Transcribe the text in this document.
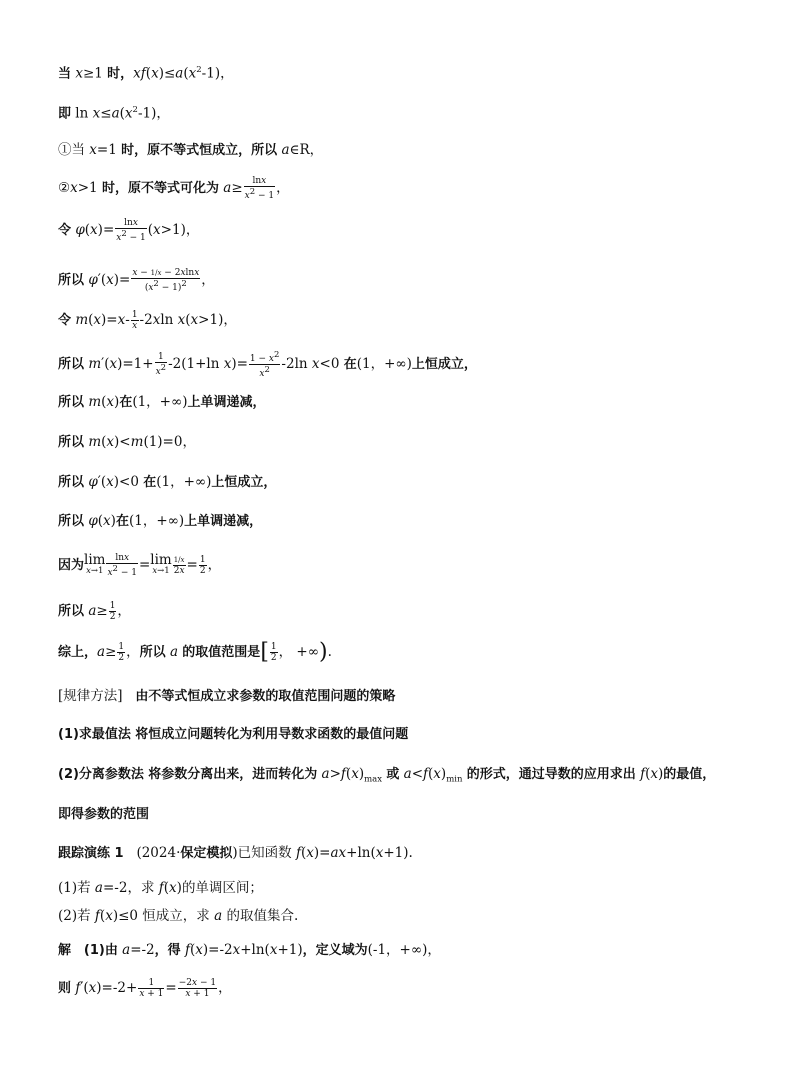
当 x≥1 时，$xf(x)\le a(x^2-1)$，
即 $\ln x\le a(x^2-1)$，
①当 x=1 时，原不等式恒成立，所以 a∈R，
②x>1 时，原不等式可化为 $a\ge \frac{\ln x}{x2 - 1}$ ，
令 $\varphi(x)= \frac{\ln x}{x2 - 1} (x>1)$，
所以 $\varphi'(x)= \frac{x - 1/x - 2xlnx}{(x2 - 1)2}$ ，
令 $m(x)=x- \frac{1}{x} -2xln$ x(x>1)，
所以 $m'(x)=1+ \frac{1}{x2} -2(1+\ln$ $x)= \frac{1 - x2}{x2} -2\ln$ x<0 在(1，+∞)上恒成立，
所以 m(x)在(1，+∞)上单调递减，
所以 m(x)<m(1)=0，
所以 φ′(x)<0 在(1，+∞)上恒成立，
所以 φ(x)在(1，+∞)上单调递减，
因为 lim
$x\to 1 \frac{\ln x}{x2 - 1} = \lim$
$x\to 1 \frac{1/x}{2x} = \frac{1}{2}$ ，
所以 $a\ge \frac{1}{2}$ ，
综上，$a\ge \frac{1}{2}$ ，所以 a 的取值范围是[ $\frac{1}{2}$ ， +∞).
[规律方法] 由不等式恒成立求参数的取值范围问题的策略
(1)求最值法 将恒成立问题转化为利用导数求函数的最值问题
(2)分离参数法 将参数分离出来，进而转化为 $a>f(x)_{max}$ 或 $a<f(x)_{min}$ 的形式，通过导数的应用求出 f(x)的最值，
即得参数的范围
跟踪演练 1 (2024·保定模拟)已知函数 f(x)=ax+ln(x+1).
(1)若 a=-2，求 f(x)的单调区间；
(2)若 f(x)≤0 恒成立，求 a 的取值集合.
解 (1)由 a=-2，得 f(x)=-2x+ln(x+1)，定义域为(-1，+∞)，
则 $f'(x)=-2+ \frac{1}{x + 1} = \frac{-2x - 1}{x + 1}$ ，
